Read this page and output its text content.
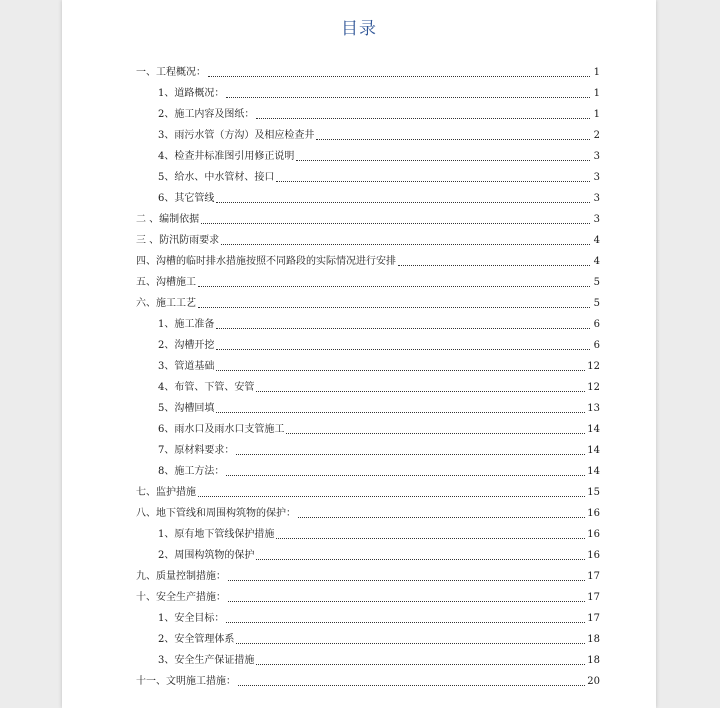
目录
一、工程概况：	1
1、道路概况：	1
2、施工内容及图纸：	1
3、雨污水管（方沟）及相应检查井	2
4、检查井标准图引用修正说明	3
5、给水、中水管材、接口	3
6、其它管线	3
二 、编制依据	3
三 、防汛防雨要求	4
四、沟槽的临时排水措施按照不同路段的实际情况进行安排	4
五、沟槽施工	5
六、施工工艺	5
1、施工准备	6
2、沟槽开挖	6
3、管道基础	12
4、布管、下管、安管	12
5、沟槽回填	13
6、雨水口及雨水口支管施工	14
7、原材料要求：	14
8、施工方法：	14
七、监护措施	15
八、地下管线和周围构筑物的保护：	16
1、原有地下管线保护措施	16
2、周围构筑物的保护	16
九、质量控制措施：	17
十、安全生产措施：	17
1、安全目标：	17
2、安全管理体系	18
3、安全生产保证措施	18
十一、文明施工措施：	20
